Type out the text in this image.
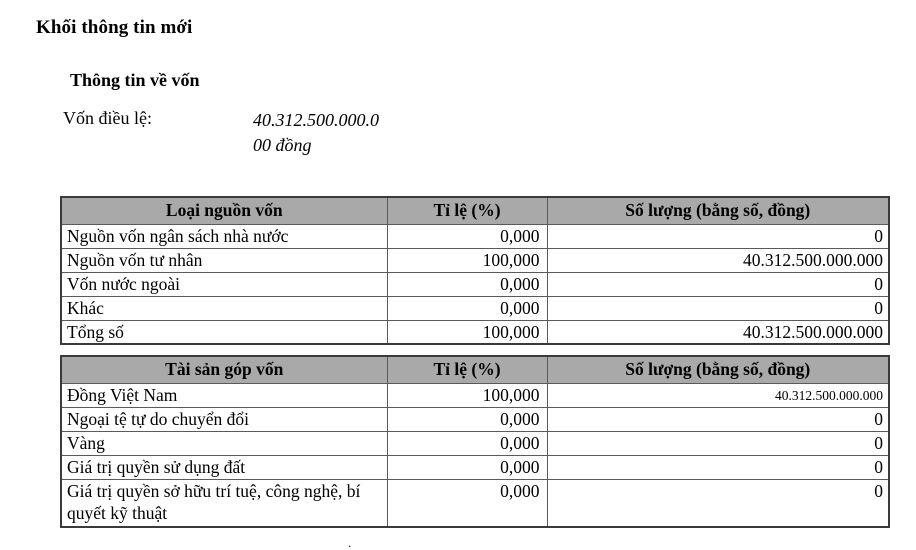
Khối thông tin mới
Thông tin về vốn
Vốn điều lệ:	40.312.500.000.0
00 đồng
Loại nguồn vốn	Tỉ lệ (%)	Số lượng (bằng số, đồng)
Nguồn vốn ngân sách nhà nước	0,000	0
Nguồn vốn tư nhân	100,000	40.312.500.000.000
Vốn nước ngoài	0,000	0
Khác	0,000	0
Tổng số	100,000	40.312.500.000.000
Tài sản góp vốn	Tỉ lệ (%)	Số lượng (bằng số, đồng)
Đồng Việt Nam	100,000	40.312.500.000.000
Ngoại tệ tự do chuyển đổi	0,000	0
Vàng	0,000	0
Giá trị quyền sử dụng đất	0,000	0
Giá trị quyền sở hữu trí tuệ, công nghệ, bí quyết kỹ thuật	0,000	0
.
